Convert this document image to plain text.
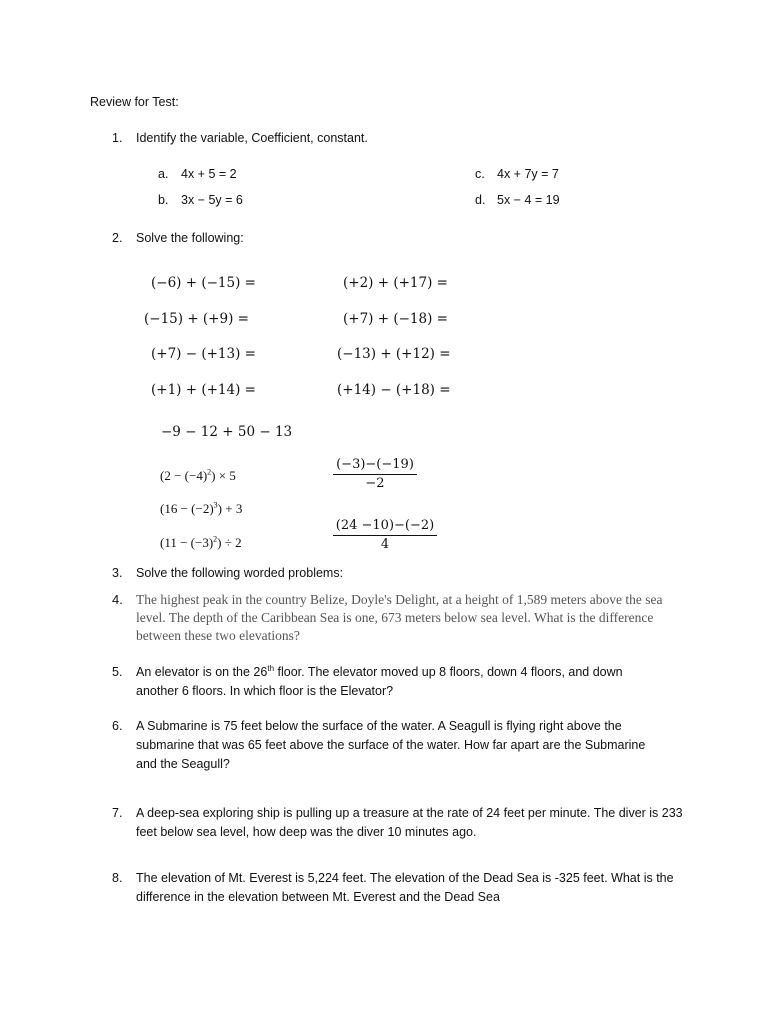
Review for Test:
1. Identify the variable, Coefficient, constant.
a. 4x + 5 = 2
b. 3x − 5y = 6
c. 4x + 7y = 7
d. 5x − 4 = 19
2. Solve the following:
(−6) + (−15) =
(−15) + (+9) =
(+7) − (+13) =
(+1) + (+14) =
(+2) + (+17) =
(+7) + (−18) =
(−13) + (+12) =
(+14) − (+18) =
−9 − 12 + 50 − 13
$(2 - (-4)^2) \times 5$
$(16 - (-2)^3) + 3$
$(11 - (-3)^2) \div 2$
$\frac{(-3)-(-19)}{-2}$
$\frac{(24 -10)-(-2)}{4}$
3. Solve the following worded problems:
4. The highest peak in the country Belize, Doyle's Delight, at a height of 1,589 meters above the sea level. The depth of the Caribbean Sea is one, 673 meters below sea level. What is the difference between these two elevations?
5. An elevator is on the 26th floor. The elevator moved up 8 floors, down 4 floors, and down another 6 floors. In which floor is the Elevator?
6. A Submarine is 75 feet below the surface of the water. A Seagull is flying right above the submarine that was 65 feet above the surface of the water. How far apart are the Submarine and the Seagull?
7. A deep-sea exploring ship is pulling up a treasure at the rate of 24 feet per minute. The diver is 233 feet below sea level, how deep was the diver 10 minutes ago.
8. The elevation of Mt. Everest is 5,224 feet. The elevation of the Dead Sea is -325 feet. What is the difference in the elevation between Mt. Everest and the Dead Sea
